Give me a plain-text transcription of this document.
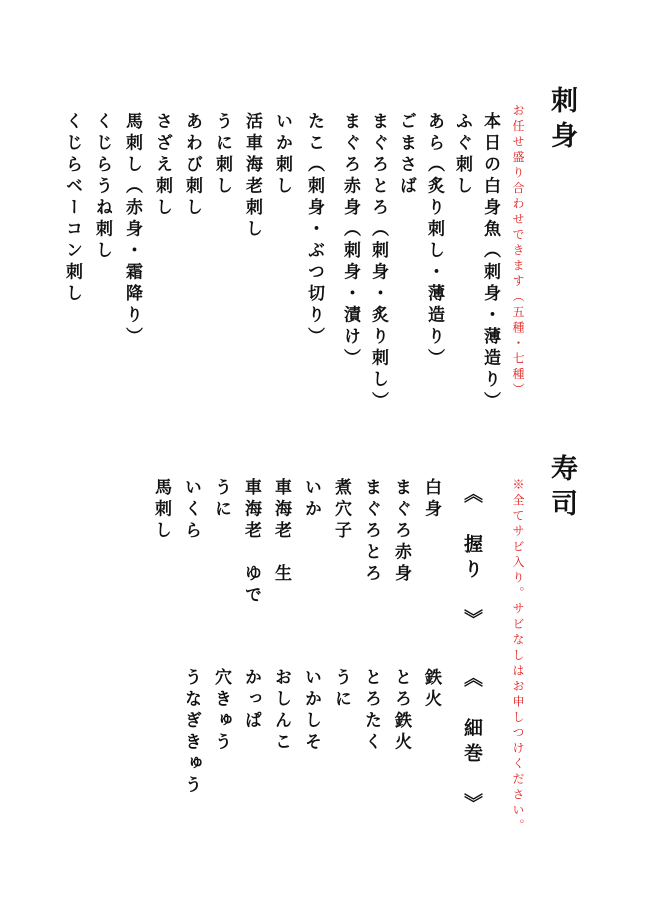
刺身
お任せ盛り合わせできます（五種・七種）
本日の白身魚（刺身・薄造り）
ふぐ刺し
あら（炙り刺し・薄造り）
ごまさば
まぐろとろ（刺身・炙り刺し）
まぐろ赤身（刺身・漬け）
たこ（刺身・ぶつ切り）
いか刺し
活車海老刺し
うに刺し
あわび刺し
さざえ刺し
馬刺し（赤身・霜降り）
くじらうね刺し
くじらベーコン刺し
寿司
※全てサビ入り。サビなしはお申しつけください。
《　握り　》
《　細巻　》
白身
まぐろ赤身
まぐろとろ
煮穴子
いか
車海老　生
車海老　ゆで
うに
いくら
馬刺し
鉄火
とろ鉄火
とろたく
うに
いかしそ
おしんこ
かっぱ
穴きゅう
うなぎきゅう
